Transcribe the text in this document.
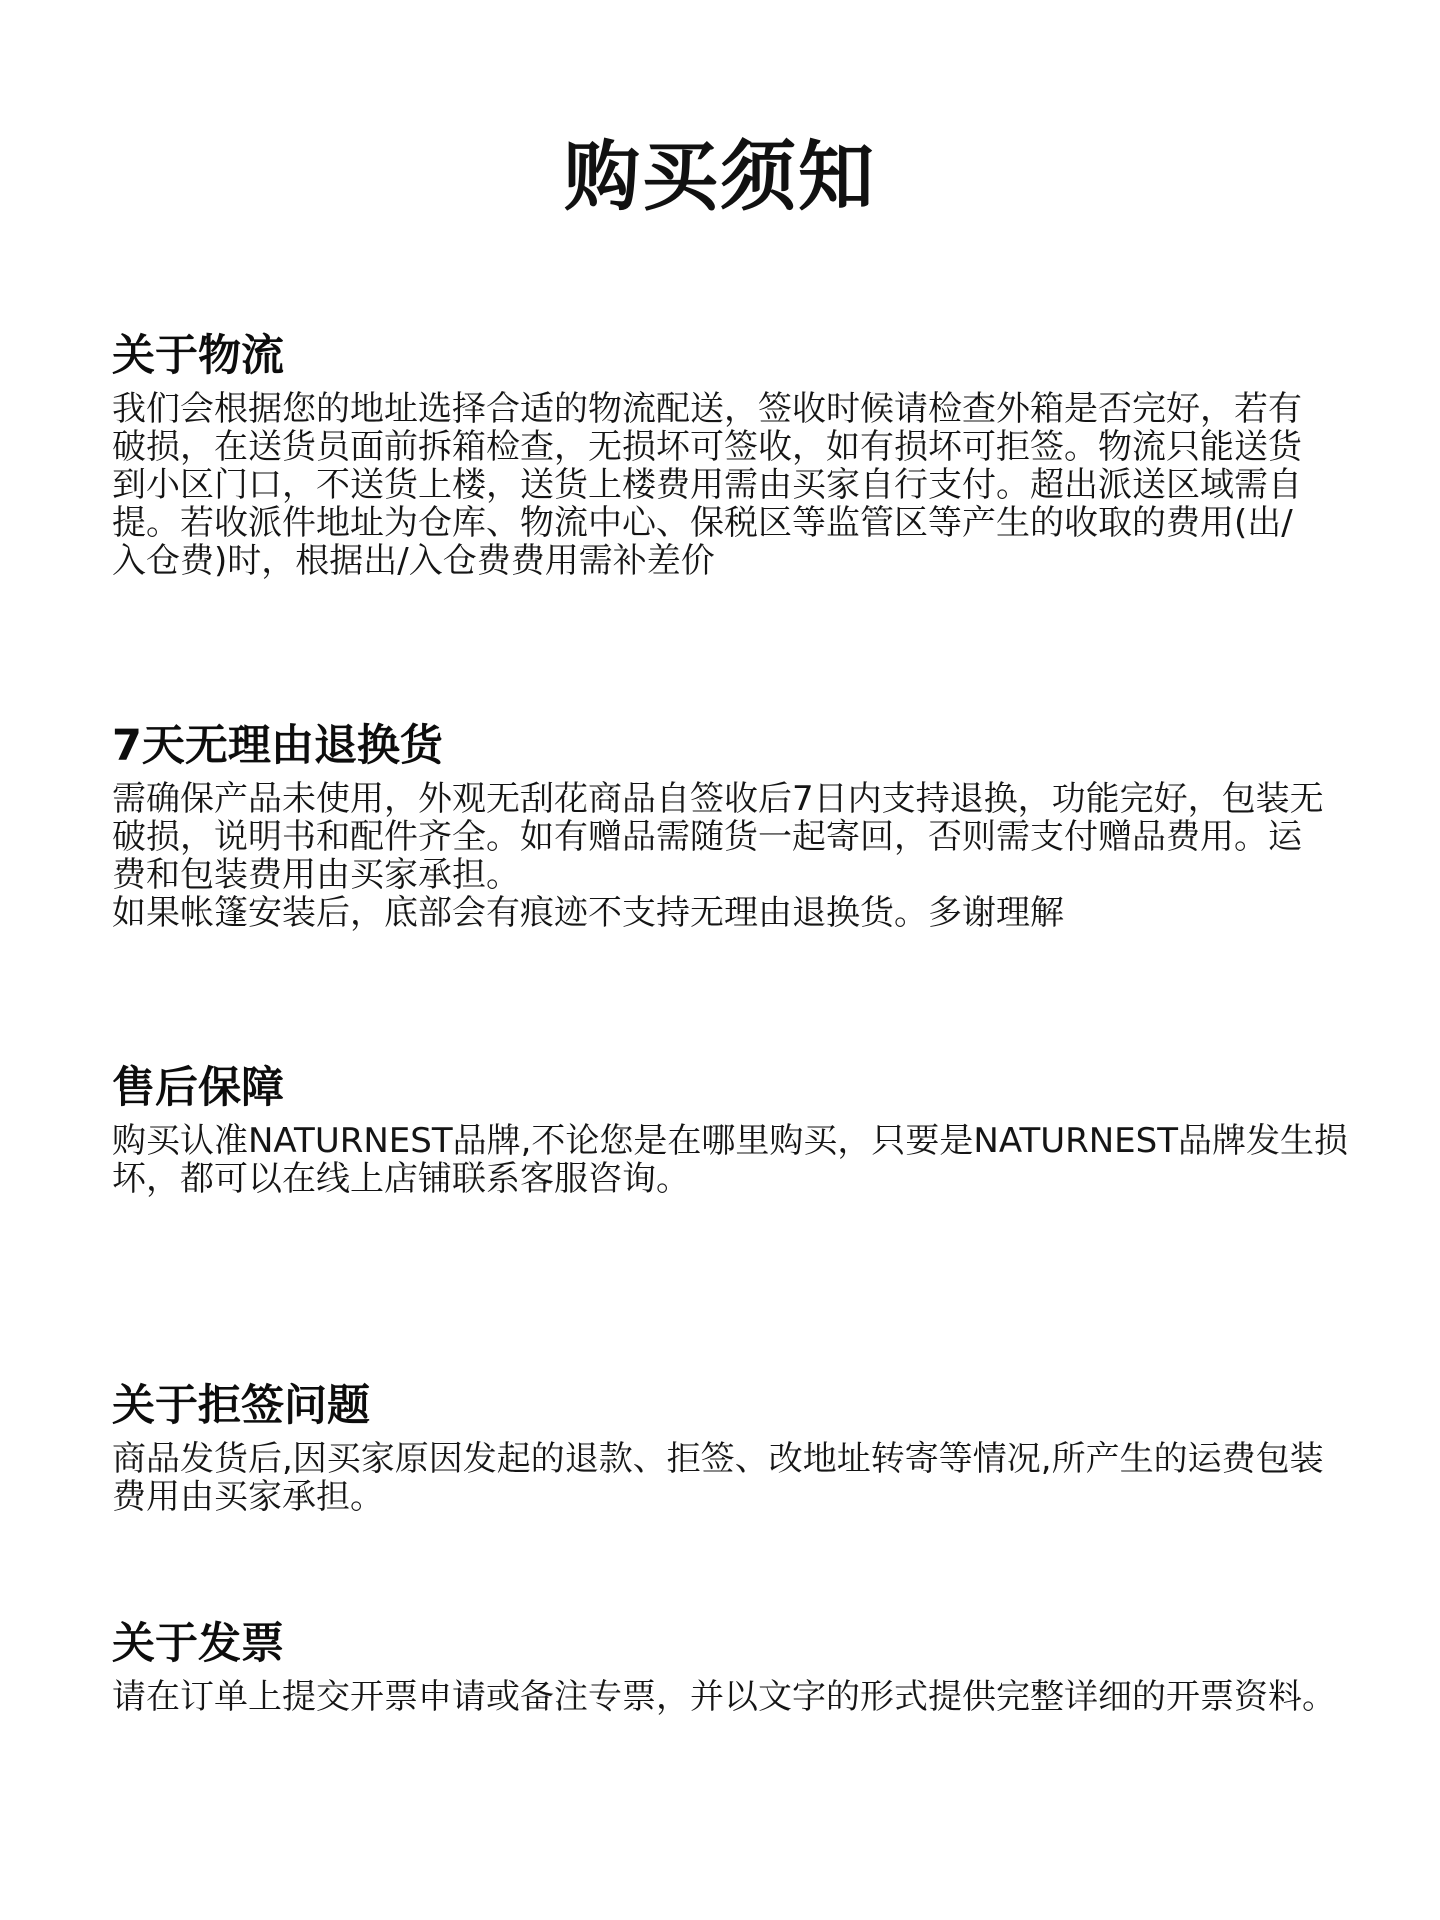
购买须知
关于物流

我们会根据您的地址选择合适的物流配送，签收时候请检查外箱是否完好，若有

破损，在送货员面前拆箱检查，无损坏可签收，如有损坏可拒签。物流只能送货

到小区门口，不送货上楼，送货上楼费用需由买家自行支付。超出派送区域需自

提。若收派件地址为仓库、物流中心、保税区等监管区等产生的收取的费用(出/

入仓费)时，根据出/入仓费费用需补差价

7天无理由退换货

需确保产品未使用，外观无刮花商品自签收后7日内支持退换，功能完好，包装无

破损，说明书和配件齐全。如有赠品需随货一起寄回，否则需支付赠品费用。运

费和包装费用由买家承担。

如果帐篷安装后，底部会有痕迹不支持无理由退换货。多谢理解

售后保障

购买认准NATURNEST品牌,不论您是在哪里购买，只要是NATURNEST品牌发生损

坏，都可以在线上店铺联系客服咨询。

关于拒签问题

商品发货后,因买家原因发起的退款、拒签、改地址转寄等情况,所产生的运费包装

费用由买家承担。

关于发票

请在订单上提交开票申请或备注专票，并以文字的形式提供完整详细的开票资料。
